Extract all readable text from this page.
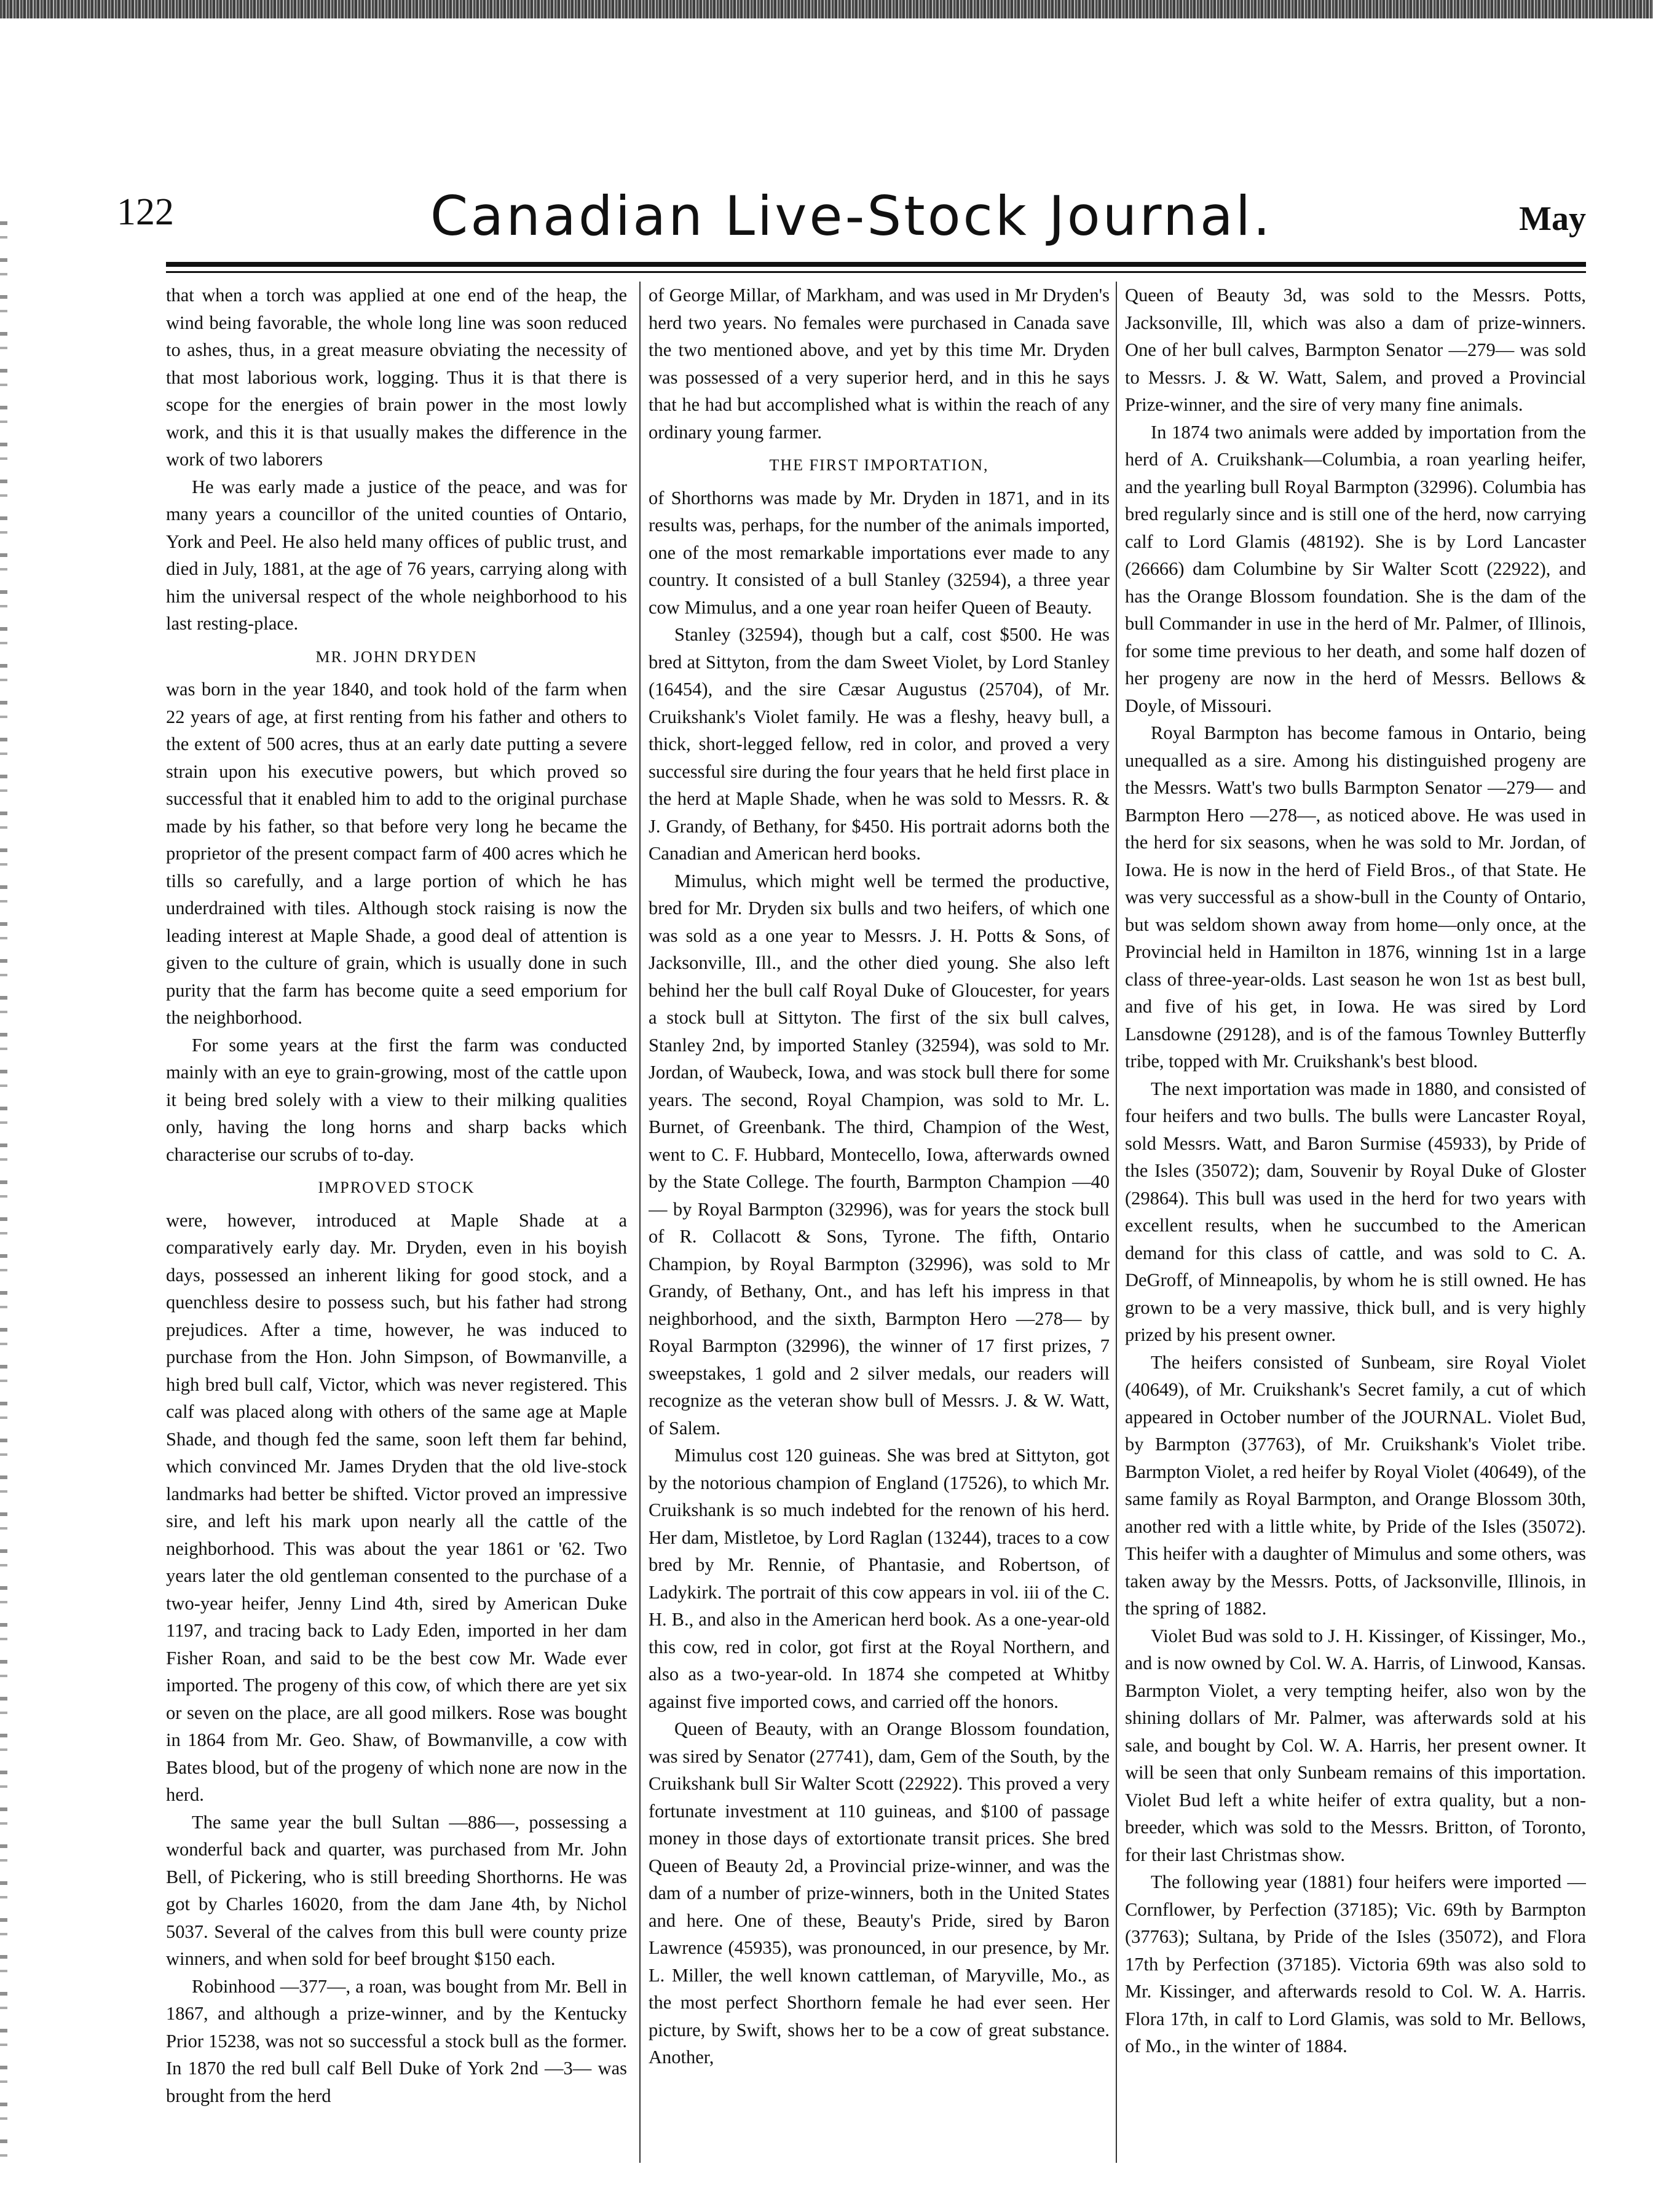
122	Canadian Live-Stock Journal.	May

that when a torch was applied at one end of the heap, the wind being favorable, the whole long line was soon reduced to ashes, thus, in a great measure obviating the necessity of that most laborious work, logging. Thus it is that there is scope for the energies of brain power in the most lowly work, and this it is that usually makes the difference in the work of two laborers

He was early made a justice of the peace, and was for many years a councillor of the united counties of Ontario, York and Peel. He also held many offices of public trust, and died in July, 1881, at the age of 76 years, carrying along with him the universal respect of the whole neighborhood to his last resting-place.

MR. JOHN DRYDEN

was born in the year 1840, and took hold of the farm when 22 years of age, at first renting from his father and others to the extent of 500 acres, thus at an early date putting a severe strain upon his executive powers, but which proved so successful that it enabled him to add to the original purchase made by his father, so that before very long he became the proprietor of the present compact farm of 400 acres which he tills so carefully, and a large portion of which he has underdrained with tiles. Although stock raising is now the leading interest at Maple Shade, a good deal of attention is given to the culture of grain, which is usually done in such purity that the farm has become quite a seed emporium for the neighborhood.

For some years at the first the farm was conducted mainly with an eye to grain-growing, most of the cattle upon it being bred solely with a view to their milking qualities only, having the long horns and sharp backs which characterise our scrubs of to-day.

IMPROVED STOCK

were, however, introduced at Maple Shade at a comparatively early day. Mr. Dryden, even in his boyish days, possessed an inherent liking for good stock, and a quenchless desire to possess such, but his father had strong prejudices. After a time, however, he was induced to purchase from the Hon. John Simpson, of Bowmanville, a high bred bull calf, Victor, which was never registered. This calf was placed along with others of the same age at Maple Shade, and though fed the same, soon left them far behind, which convinced Mr. James Dryden that the old live-stock landmarks had better be shifted. Victor proved an impressive sire, and left his mark upon nearly all the cattle of the neighborhood. This was about the year 1861 or '62. Two years later the old gentleman consented to the purchase of a two-year heifer, Jenny Lind 4th, sired by American Duke 1197, and tracing back to Lady Eden, imported in her dam Fisher Roan, and said to be the best cow Mr. Wade ever imported. The progeny of this cow, of which there are yet six or seven on the place, are all good milkers. Rose was bought in 1864 from Mr. Geo. Shaw, of Bowmanville, a cow with Bates blood, but of the progeny of which none are now in the herd.

The same year the bull Sultan —886—, possessing a wonderful back and quarter, was purchased from Mr. John Bell, of Pickering, who is still breeding Shorthorns. He was got by Charles 16020, from the dam Jane 4th, by Nichol 5037. Several of the calves from this bull were county prize winners, and when sold for beef brought $150 each.

Robinhood —377—, a roan, was bought from Mr. Bell in 1867, and although a prize-winner, and by the Kentucky Prior 15238, was not so successful a stock bull as the former. In 1870 the red bull calf Bell Duke of York 2nd —3— was brought from the herd

of George Millar, of Markham, and was used in Mr Dryden's herd two years. No females were purchased in Canada save the two mentioned above, and yet by this time Mr. Dryden was possessed of a very superior herd, and in this he says that he had but accomplished what is within the reach of any ordinary young farmer.

THE FIRST IMPORTATION,

of Shorthorns was made by Mr. Dryden in 1871, and in its results was, perhaps, for the number of the animals imported, one of the most remarkable importations ever made to any country. It consisted of a bull Stanley (32594), a three year cow Mimulus, and a one year roan heifer Queen of Beauty.

Stanley (32594), though but a calf, cost $500. He was bred at Sittyton, from the dam Sweet Violet, by Lord Stanley (16454), and the sire Cæsar Augustus (25704), of Mr. Cruikshank's Violet family. He was a fleshy, heavy bull, a thick, short-legged fellow, red in color, and proved a very successful sire during the four years that he held first place in the herd at Maple Shade, when he was sold to Messrs. R. & J. Grandy, of Bethany, for $450. His portrait adorns both the Canadian and American herd books.

Mimulus, which might well be termed the productive, bred for Mr. Dryden six bulls and two heifers, of which one was sold as a one year to Messrs. J. H. Potts & Sons, of Jacksonville, Ill., and the other died young. She also left behind her the bull calf Royal Duke of Gloucester, for years a stock bull at Sittyton. The first of the six bull calves, Stanley 2nd, by imported Stanley (32594), was sold to Mr. Jordan, of Waubeck, Iowa, and was stock bull there for some years. The second, Royal Champion, was sold to Mr. L. Burnet, of Greenbank. The third, Champion of the West, went to C. F. Hubbard, Montecello, Iowa, afterwards owned by the State College. The fourth, Barmpton Champion —40— by Royal Barmpton (32996), was for years the stock bull of R. Collacott & Sons, Tyrone. The fifth, Ontario Champion, by Royal Barmpton (32996), was sold to Mr Grandy, of Bethany, Ont., and has left his impress in that neighborhood, and the sixth, Barmpton Hero —278— by Royal Barmpton (32996), the winner of 17 first prizes, 7 sweepstakes, 1 gold and 2 silver medals, our readers will recognize as the veteran show bull of Messrs. J. & W. Watt, of Salem.

Mimulus cost 120 guineas. She was bred at Sittyton, got by the notorious champion of England (17526), to which Mr. Cruikshank is so much indebted for the renown of his herd. Her dam, Mistletoe, by Lord Raglan (13244), traces to a cow bred by Mr. Rennie, of Phantasie, and Robertson, of Ladykirk. The portrait of this cow appears in vol. iii of the C. H. B., and also in the American herd book. As a one-year-old this cow, red in color, got first at the Royal Northern, and also as a two-year-old. In 1874 she competed at Whitby against five imported cows, and carried off the honors.

Queen of Beauty, with an Orange Blossom foundation, was sired by Senator (27741), dam, Gem of the South, by the Cruikshank bull Sir Walter Scott (22922). This proved a very fortunate investment at 110 guineas, and $100 of passage money in those days of extortionate transit prices. She bred Queen of Beauty 2d, a Provincial prize-winner, and was the dam of a number of prize-winners, both in the United States and here. One of these, Beauty's Pride, sired by Baron Lawrence (45935), was pronounced, in our presence, by Mr. L. Miller, the well known cattleman, of Maryville, Mo., as the most perfect Shorthorn female he had ever seen. Her picture, by Swift, shows her to be a cow of great substance. Another,

Queen of Beauty 3d, was sold to the Messrs. Potts, Jacksonville, Ill, which was also a dam of prize-winners. One of her bull calves, Barmpton Senator —279— was sold to Messrs. J. & W. Watt, Salem, and proved a Provincial Prize-winner, and the sire of very many fine animals.

In 1874 two animals were added by importation from the herd of A. Cruikshank—Columbia, a roan yearling heifer, and the yearling bull Royal Barmpton (32996). Columbia has bred regularly since and is still one of the herd, now carrying calf to Lord Glamis (48192). She is by Lord Lancaster (26666) dam Columbine by Sir Walter Scott (22922), and has the Orange Blossom foundation. She is the dam of the bull Commander in use in the herd of Mr. Palmer, of Illinois, for some time previous to her death, and some half dozen of her progeny are now in the herd of Messrs. Bellows & Doyle, of Missouri.

Royal Barmpton has become famous in Ontario, being unequalled as a sire. Among his distinguished progeny are the Messrs. Watt's two bulls Barmpton Senator —279— and Barmpton Hero —278—, as noticed above. He was used in the herd for six seasons, when he was sold to Mr. Jordan, of Iowa. He is now in the herd of Field Bros., of that State. He was very successful as a show-bull in the County of Ontario, but was seldom shown away from home—only once, at the Provincial held in Hamilton in 1876, winning 1st in a large class of three-year-olds. Last season he won 1st as best bull, and five of his get, in Iowa. He was sired by Lord Lansdowne (29128), and is of the famous Townley Butterfly tribe, topped with Mr. Cruikshank's best blood.

The next importation was made in 1880, and consisted of four heifers and two bulls. The bulls were Lancaster Royal, sold Messrs. Watt, and Baron Surmise (45933), by Pride of the Isles (35072); dam, Souvenir by Royal Duke of Gloster (29864). This bull was used in the herd for two years with excellent results, when he succumbed to the American demand for this class of cattle, and was sold to C. A. DeGroff, of Minneapolis, by whom he is still owned. He has grown to be a very massive, thick bull, and is very highly prized by his present owner.

The heifers consisted of Sunbeam, sire Royal Violet (40649), of Mr. Cruikshank's Secret family, a cut of which appeared in October number of the JOURNAL. Violet Bud, by Barmpton (37763), of Mr. Cruikshank's Violet tribe. Barmpton Violet, a red heifer by Royal Violet (40649), of the same family as Royal Barmpton, and Orange Blossom 30th, another red with a little white, by Pride of the Isles (35072). This heifer with a daughter of Mimulus and some others, was taken away by the Messrs. Potts, of Jacksonville, Illinois, in the spring of 1882.

Violet Bud was sold to J. H. Kissinger, of Kissinger, Mo., and is now owned by Col. W. A. Harris, of Linwood, Kansas. Barmpton Violet, a very tempting heifer, also won by the shining dollars of Mr. Palmer, was afterwards sold at his sale, and bought by Col. W. A. Harris, her present owner. It will be seen that only Sunbeam remains of this importation. Violet Bud left a white heifer of extra quality, but a non-breeder, which was sold to the Messrs. Britton, of Toronto, for their last Christmas show.

The following year (1881) four heifers were imported —Cornflower, by Perfection (37185); Vic. 69th by Barmpton (37763); Sultana, by Pride of the Isles (35072), and Flora 17th by Perfection (37185). Victoria 69th was also sold to Mr. Kissinger, and afterwards resold to Col. W. A. Harris. Flora 17th, in calf to Lord Glamis, was sold to Mr. Bellows, of Mo., in the winter of 1884.
